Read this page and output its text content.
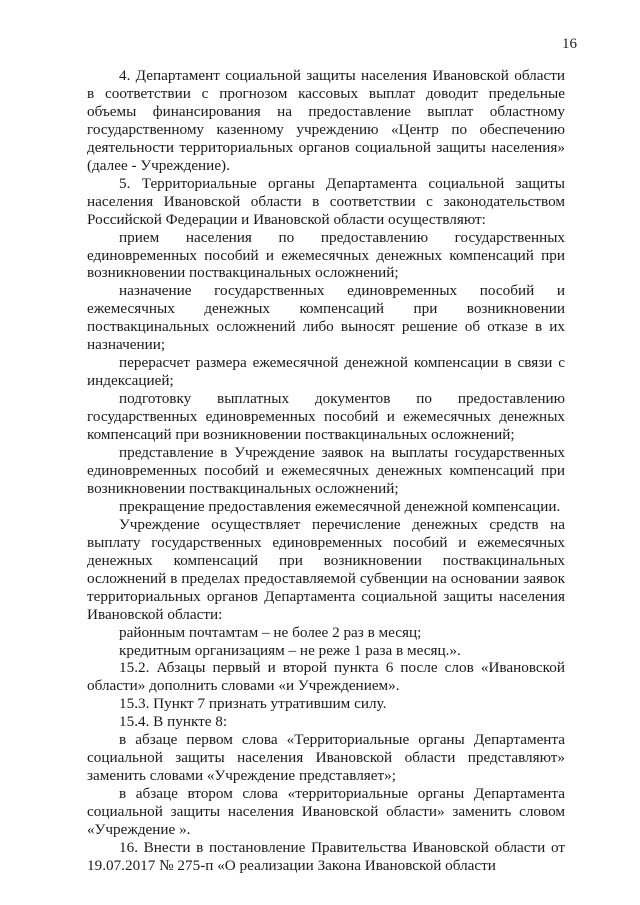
16

4. Департамент социальной защиты населения Ивановской области в соответствии с прогнозом кассовых выплат доводит предельные объемы финансирования на предоставление выплат областному государственному казенному учреждению «Центр по обеспечению деятельности территориальных органов социальной защиты населения» (далее - Учреждение).

5. Территориальные органы Департамента социальной защиты населения Ивановской области в соответствии с законодательством Российской Федерации и Ивановской области осуществляют:

прием населения по предоставлению государственных единовременных пособий и ежемесячных денежных компенсаций при возникновении поствакцинальных осложнений;

назначение государственных единовременных пособий и ежемесячных денежных компенсаций при возникновении поствакцинальных осложнений либо выносят решение об отказе в их назначении;

перерасчет размера ежемесячной денежной компенсации в связи с индексацией;

подготовку выплатных документов по предоставлению государственных единовременных пособий и ежемесячных денежных компенсаций при возникновении поствакцинальных осложнений;

представление в Учреждение заявок на выплаты государственных единовременных пособий и ежемесячных денежных компенсаций при возникновении поствакцинальных осложнений;

прекращение предоставления ежемесячной денежной компенсации.

Учреждение осуществляет перечисление денежных средств на выплату государственных единовременных пособий и ежемесячных денежных компенсаций при возникновении поствакцинальных осложнений в пределах предоставляемой субвенции на основании заявок территориальных органов Департамента социальной защиты населения Ивановской области:

районным почтамтам – не более 2 раз в месяц;

кредитным организациям – не реже 1 раза в месяц.».

15.2. Абзацы первый и второй пункта 6 после слов «Ивановской области» дополнить словами «и Учреждением».

15.3. Пункт 7 признать утратившим силу.

15.4. В пункте 8:

в абзаце первом слова «Территориальные органы Департамента социальной защиты населения Ивановской области представляют» заменить словами «Учреждение представляет»;

в абзаце втором слова «территориальные органы Департамента социальной защиты населения Ивановской области» заменить словом «Учреждение ».

16. Внести в постановление Правительства Ивановской области от 19.07.2017 № 275-п «О реализации Закона Ивановской области
